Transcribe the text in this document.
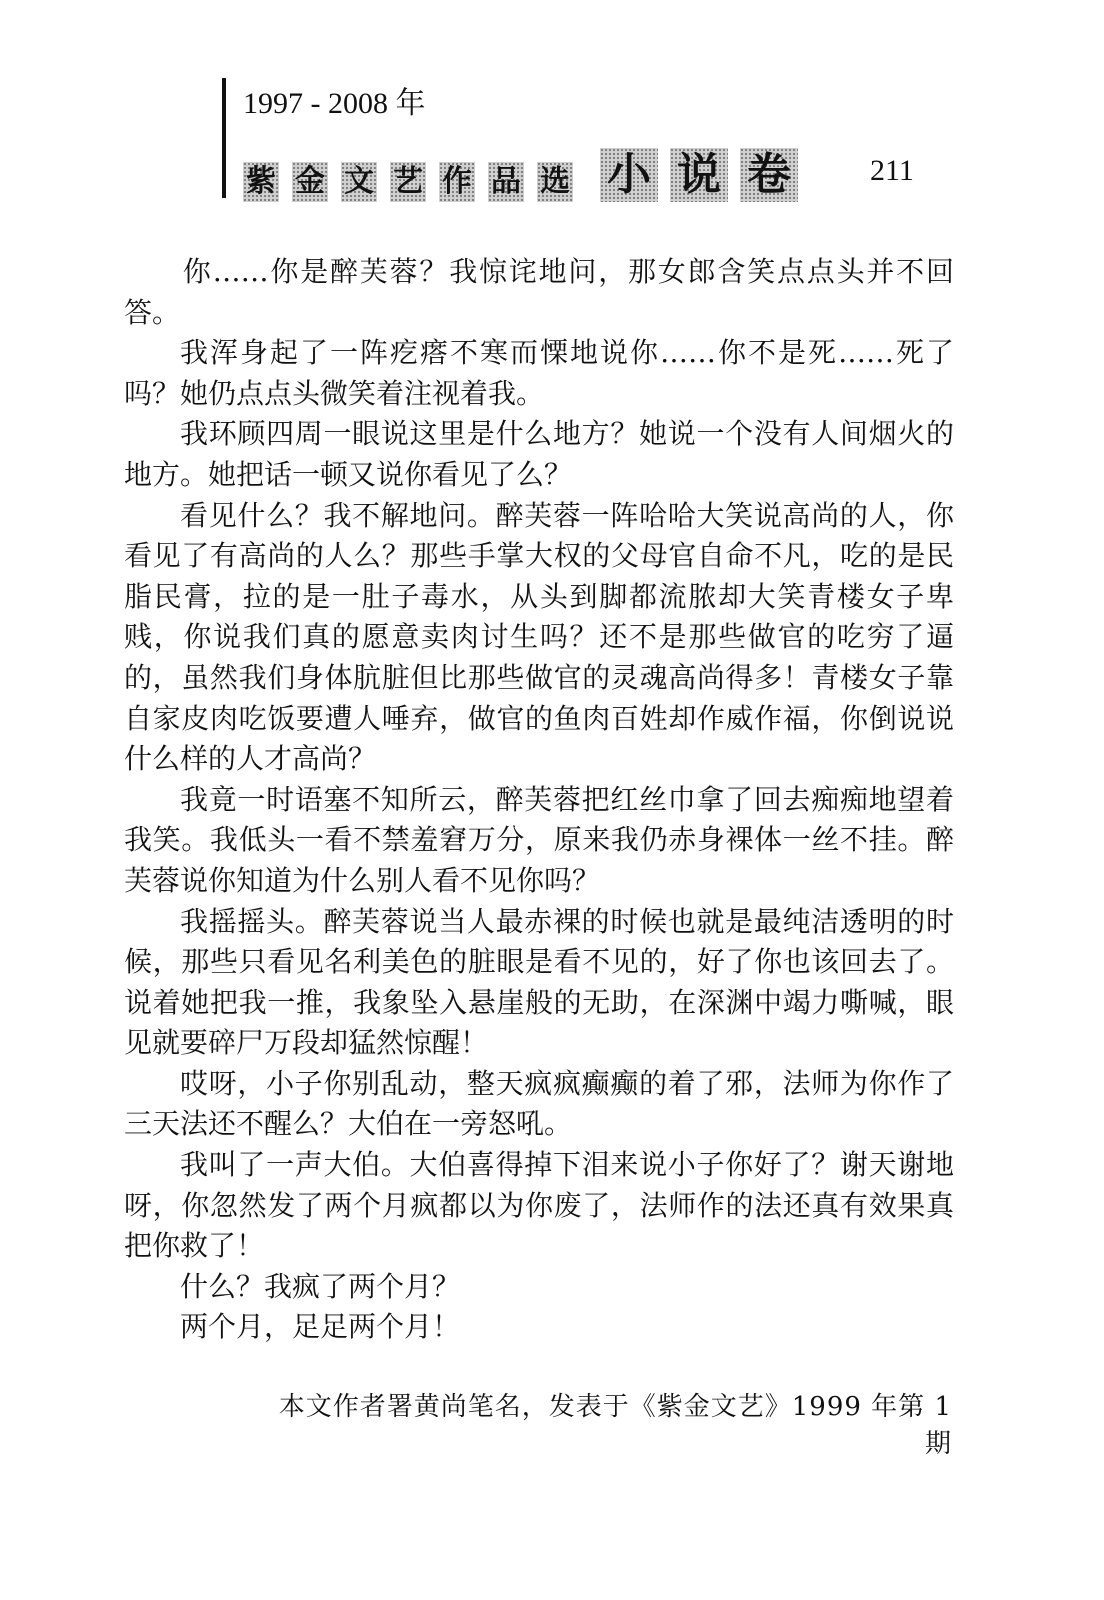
1997 - 2008 年
紫 金 文 艺 作 品 选 小 说 卷	211

你……你是醉芙蓉？我惊诧地问，那女郎含笑点点头并不回答。

我浑身起了一阵疙瘩不寒而慄地说你……你不是死……死了吗？她仍点点头微笑着注视着我。

我环顾四周一眼说这里是什么地方？她说一个没有人间烟火的地方。她把话一顿又说你看见了么？

看见什么？我不解地问。醉芙蓉一阵哈哈大笑说高尚的人，你看见了有高尚的人么？那些手掌大权的父母官自命不凡，吃的是民脂民膏，拉的是一肚子毒水，从头到脚都流脓却大笑青楼女子卑贱，你说我们真的愿意卖肉讨生吗？还不是那些做官的吃穷了逼的，虽然我们身体肮脏但比那些做官的灵魂高尚得多！青楼女子靠自家皮肉吃饭要遭人唾弃，做官的鱼肉百姓却作威作福，你倒说说什么样的人才高尚？

我竟一时语塞不知所云，醉芙蓉把红丝巾拿了回去痴痴地望着我笑。我低头一看不禁羞窘万分，原来我仍赤身裸体一丝不挂。醉芙蓉说你知道为什么别人看不见你吗？

我摇摇头。醉芙蓉说当人最赤裸的时候也就是最纯洁透明的时候，那些只看见名利美色的脏眼是看不见的，好了你也该回去了。说着她把我一推，我象坠入悬崖般的无助，在深渊中竭力嘶喊，眼见就要碎尸万段却猛然惊醒！

哎呀，小子你别乱动，整天疯疯癫癫的着了邪，法师为你作了三天法还不醒么？大伯在一旁怒吼。

我叫了一声大伯。大伯喜得掉下泪来说小子你好了？谢天谢地呀，你忽然发了两个月疯都以为你废了，法师作的法还真有效果真把你救了！

什么？我疯了两个月？

两个月，足足两个月！

本文作者署黄尚笔名，发表于《紫金文艺》1999 年第 1 期
